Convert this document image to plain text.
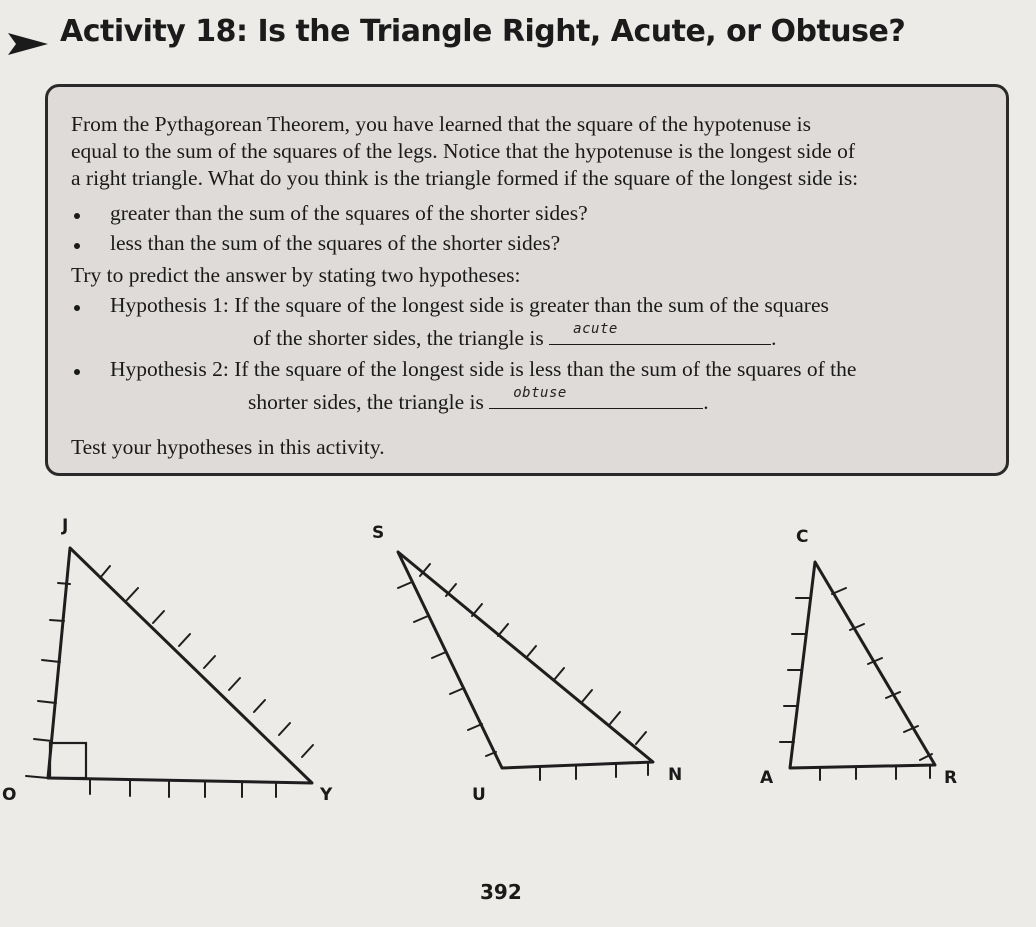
Activity 18: Is the Triangle Right, Acute, or Obtuse?
From the Pythagorean Theorem, you have learned that the square of the hypotenuse is
equal to the sum of the squares of the legs. Notice that the hypotenuse is the longest side of
a right triangle. What do you think is the triangle formed if the square of the longest side is:
greater than the sum of the squares of the shorter sides?
less than the sum of the squares of the shorter sides?
Try to predict the answer by stating two hypotheses:
Hypothesis 1: If the square of the longest side is greater than the sum of the squares
of the shorter sides, the triangle is acute	.
Hypothesis 2: If the square of the longest side is less than the sum of the squares of the
shorter sides, the triangle is obtuse	.
Test your hypotheses in this activity.
J
O	Y
S
U
N
C
A	R
392
